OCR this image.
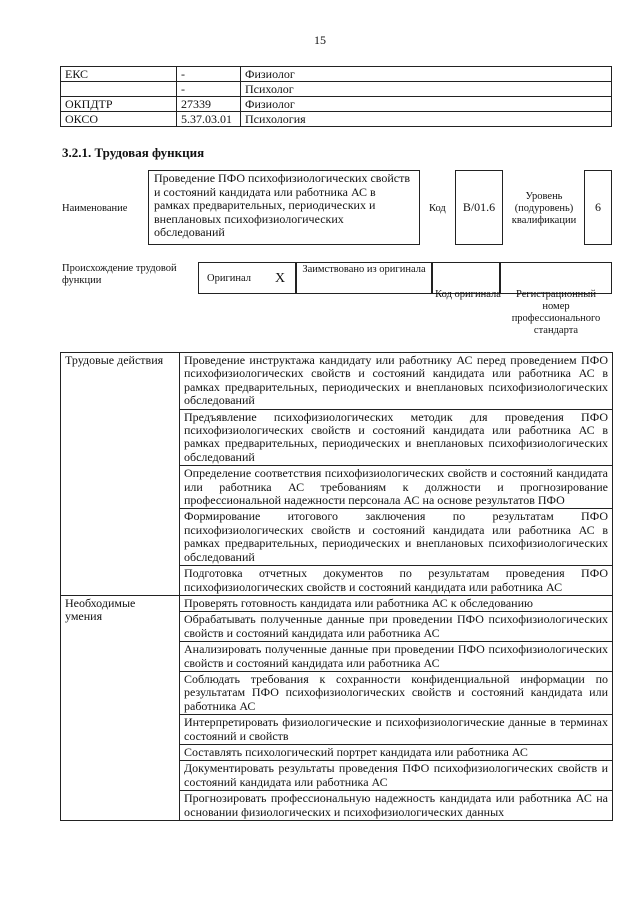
15
ЕКС	-	Физиолог
	-	Психолог
ОКПДТР	27339	Физиолог
ОКСО	5.37.03.01	Психология
3.2.1. Трудовая функция
Наименование
Проведение ПФО психофизиологических свойств и состояний кандидата или работника АС в рамках предварительных, периодических и внеплановых психофизиологических обследований
Код	B/01.6
Уровень (подуровень) квалификации
6
Происхождение трудовой функции	Оригинал X
Заимствовано из оригинала
Код оригинала	Регистрационный номер профессионального стандарта
Трудовые действия	Проведение инструктажа кандидату или работнику АС перед проведением ПФО психофизиологических свойств и состояний кандидата или работника АС в рамках предварительных, периодических и внеплановых психофизиологических обследований
	Предъявление психофизиологических методик для проведения ПФО психофизиологических свойств и состояний кандидата или работника АС в рамках предварительных, периодических и внеплановых психофизиологических обследований
	Определение соответствия психофизиологических свойств и состояний кандидата или работника АС требованиям к должности и прогнозирование профессиональной надежности персонала АС на основе результатов ПФО
	Формирование итогового заключения по результатам ПФО психофизиологических свойств и состояний кандидата или работника АС в рамках предварительных, периодических и внеплановых психофизиологических обследований
	Подготовка отчетных документов по результатам проведения ПФО психофизиологических свойств и состояний кандидата или работника АС
Необходимые умения	Проверять готовность кандидата или работника АС к обследованию
	Обрабатывать полученные данные при проведении ПФО психофизиологических свойств и состояний кандидата или работника АС
	Анализировать полученные данные при проведении ПФО психофизиологических свойств и состояний кандидата или работника АС
	Соблюдать требования к сохранности конфиденциальной информации по результатам ПФО психофизиологических свойств и состояний кандидата или работника АС
	Интерпретировать физиологические и психофизиологические данные в терминах состояний и свойств
	Составлять психологический портрет кандидата или работника АС
	Документировать результаты проведения ПФО психофизиологических свойств и состояний кандидата или работника АС
	Прогнозировать профессиональную надежность кандидата или работника АС на основании физиологических и психофизиологических данных
